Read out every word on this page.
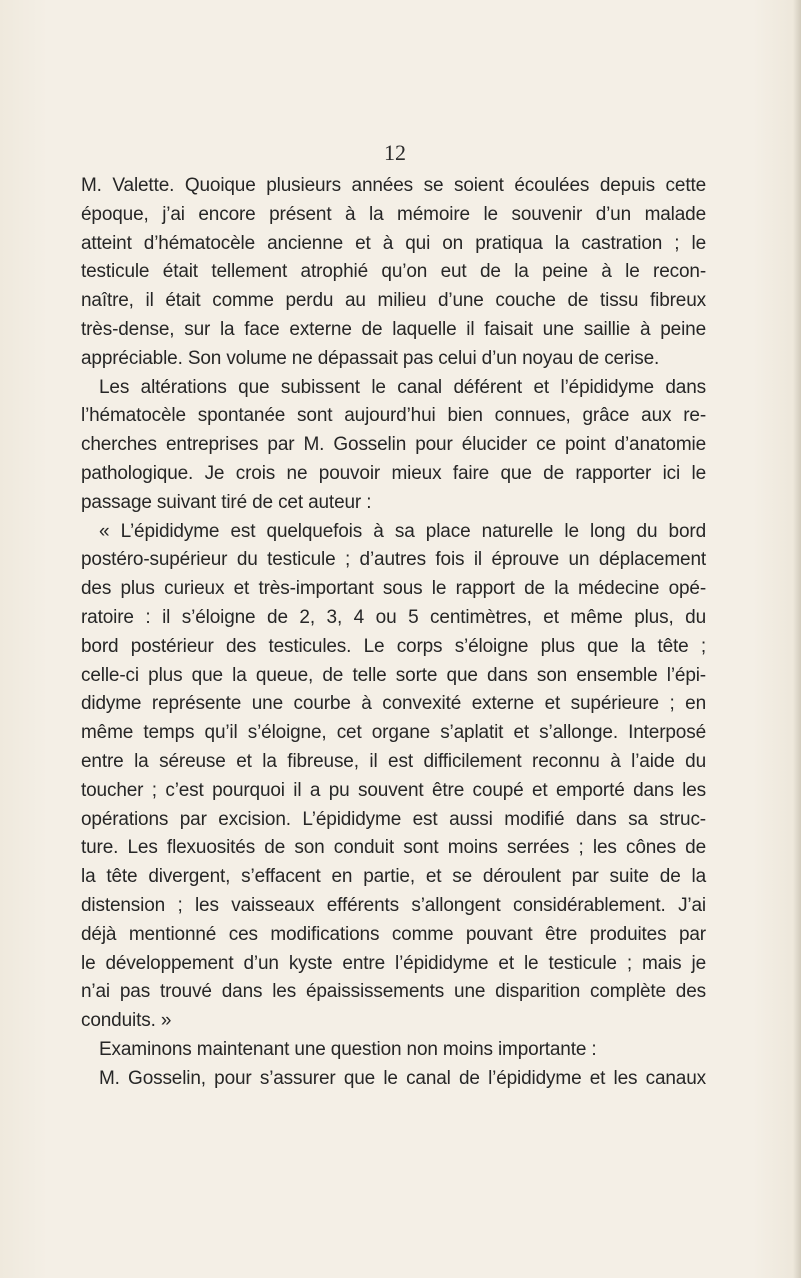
12
M. Valette. Quoique plusieurs années se soient écoulées depuis cette
époque, j’ai encore présent à la mémoire le souvenir d’un malade
atteint d’hématocèle ancienne et à qui on pratiqua la castration ; le
testicule était tellement atrophié qu’on eut de la peine à le recon-
naître, il était comme perdu au milieu d’une couche de tissu fibreux
très-dense, sur la face externe de laquelle il faisait une saillie à peine
appréciable. Son volume ne dépassait pas celui d’un noyau de cerise.
Les altérations que subissent le canal déférent et l’épididyme dans
l’hématocèle spontanée sont aujourd’hui bien connues, grâce aux re-
cherches entreprises par M. Gosselin pour élucider ce point d’anatomie
pathologique. Je crois ne pouvoir mieux faire que de rapporter ici le
passage suivant tiré de cet auteur :
« L’épididyme est quelquefois à sa place naturelle le long du bord
postéro-supérieur du testicule ; d’autres fois il éprouve un déplacement
des plus curieux et très-important sous le rapport de la médecine opé-
ratoire : il s’éloigne de 2, 3, 4 ou 5 centimètres, et même plus, du
bord postérieur des testicules. Le corps s’éloigne plus que la tête ;
celle-ci plus que la queue, de telle sorte que dans son ensemble l’épi-
didyme représente une courbe à convexité externe et supérieure ; en
même temps qu’il s’éloigne, cet organe s’aplatit et s’allonge. Interposé
entre la séreuse et la fibreuse, il est difficilement reconnu à l’aide du
toucher ; c’est pourquoi il a pu souvent être coupé et emporté dans les
opérations par excision. L’épididyme est aussi modifié dans sa struc-
ture. Les flexuosités de son conduit sont moins serrées ; les cônes de
la tête divergent, s’effacent en partie, et se déroulent par suite de la
distension ; les vaisseaux efférents s’allongent considérablement. J’ai
déjà mentionné ces modifications comme pouvant être produites par
le développement d’un kyste entre l’épididyme et le testicule ; mais je
n’ai pas trouvé dans les épaississements une disparition complète des
conduits. »
Examinons maintenant une question non moins importante :
M. Gosselin, pour s’assurer que le canal de l’épididyme et les canaux
